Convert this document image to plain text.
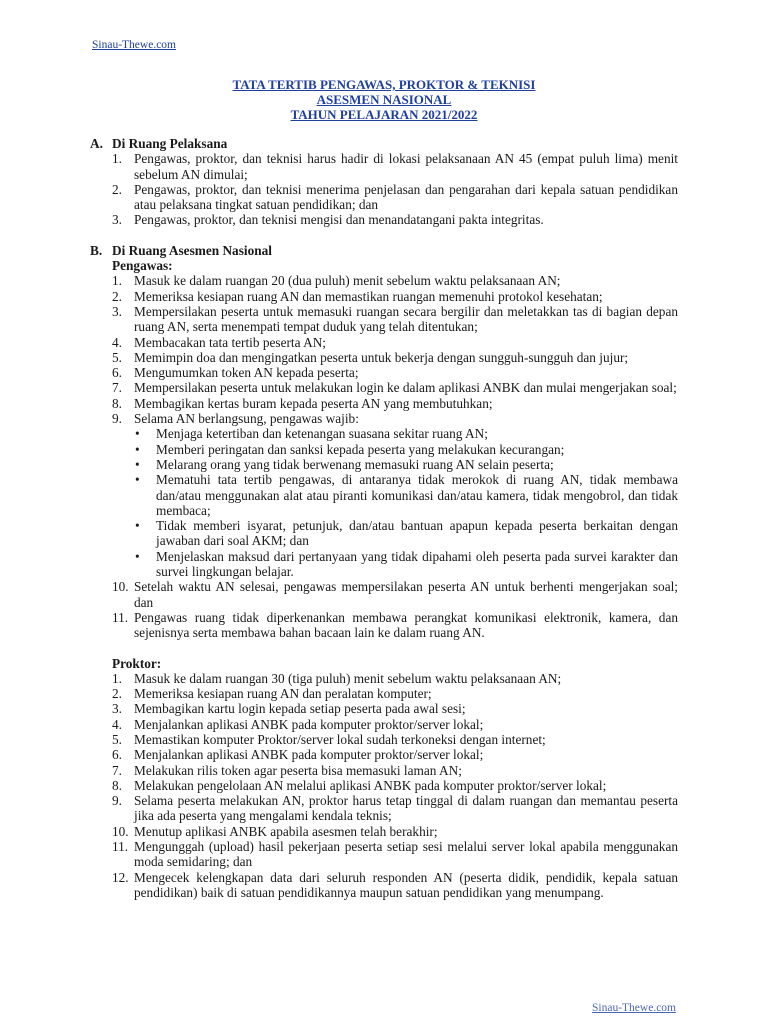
Sinau-Thewe.com
TATA TERTIB PENGAWAS, PROKTOR & TEKNISI
ASESMEN NASIONAL
TAHUN PELAJARAN 2021/2022
A. Di Ruang Pelaksana
1. Pengawas, proktor, dan teknisi harus hadir di lokasi pelaksanaan AN 45 (empat puluh lima) menit sebelum AN dimulai;
2. Pengawas, proktor, dan teknisi menerima penjelasan dan pengarahan dari kepala satuan pendidikan atau pelaksana tingkat satuan pendidikan; dan
3. Pengawas, proktor, dan teknisi mengisi dan menandatangani pakta integritas.
B. Di Ruang Asesmen Nasional
Pengawas:
1. Masuk ke dalam ruangan 20 (dua puluh) menit sebelum waktu pelaksanaan AN;
2. Memeriksa kesiapan ruang AN dan memastikan ruangan memenuhi protokol kesehatan;
3. Mempersilakan peserta untuk memasuki ruangan secara bergilir dan meletakkan tas di bagian depan ruang AN, serta menempati tempat duduk yang telah ditentukan;
4. Membacakan tata tertib peserta AN;
5. Memimpin doa dan mengingatkan peserta untuk bekerja dengan sungguh-sungguh dan jujur;
6. Mengumumkan token AN kepada peserta;
7. Mempersilakan peserta untuk melakukan login ke dalam aplikasi ANBK dan mulai mengerjakan soal;
8. Membagikan kertas buram kepada peserta AN yang membutuhkan;
9. Selama AN berlangsung, pengawas wajib:
•	Menjaga ketertiban dan ketenangan suasana sekitar ruang AN;
•	Memberi peringatan dan sanksi kepada peserta yang melakukan kecurangan;
•	Melarang orang yang tidak berwenang memasuki ruang AN selain peserta;
•	Mematuhi tata tertib pengawas, di antaranya tidak merokok di ruang AN, tidak membawa dan/atau menggunakan alat atau piranti komunikasi dan/atau kamera, tidak mengobrol, dan tidak membaca;
•	Tidak memberi isyarat, petunjuk, dan/atau bantuan apapun kepada peserta berkaitan dengan jawaban dari soal AKM; dan
•	Menjelaskan maksud dari pertanyaan yang tidak dipahami oleh peserta pada survei karakter dan survei lingkungan belajar.
10. Setelah waktu AN selesai, pengawas mempersilakan peserta AN untuk berhenti mengerjakan soal; dan
11. Pengawas ruang tidak diperkenankan membawa perangkat komunikasi elektronik, kamera, dan sejenisnya serta membawa bahan bacaan lain ke dalam ruang AN.
Proktor:
1. Masuk ke dalam ruangan 30 (tiga puluh) menit sebelum waktu pelaksanaan AN;
2. Memeriksa kesiapan ruang AN dan peralatan komputer;
3. Membagikan kartu login kepada setiap peserta pada awal sesi;
4. Menjalankan aplikasi ANBK pada komputer proktor/server lokal;
5. Memastikan komputer Proktor/server lokal sudah terkoneksi dengan internet;
6. Menjalankan aplikasi ANBK pada komputer proktor/server lokal;
7. Melakukan rilis token agar peserta bisa memasuki laman AN;
8. Melakukan pengelolaan AN melalui aplikasi ANBK pada komputer proktor/server lokal;
9. Selama peserta melakukan AN, proktor harus tetap tinggal di dalam ruangan dan memantau peserta jika ada peserta yang mengalami kendala teknis;
10. Menutup aplikasi ANBK apabila asesmen telah berakhir;
11. Mengunggah (upload) hasil pekerjaan peserta setiap sesi melalui server lokal apabila menggunakan moda semidaring; dan
12. Mengecek kelengkapan data dari seluruh responden AN (peserta didik, pendidik, kepala satuan pendidikan) baik di satuan pendidikannya maupun satuan pendidikan yang menumpang.
Sinau-Thewe.com
